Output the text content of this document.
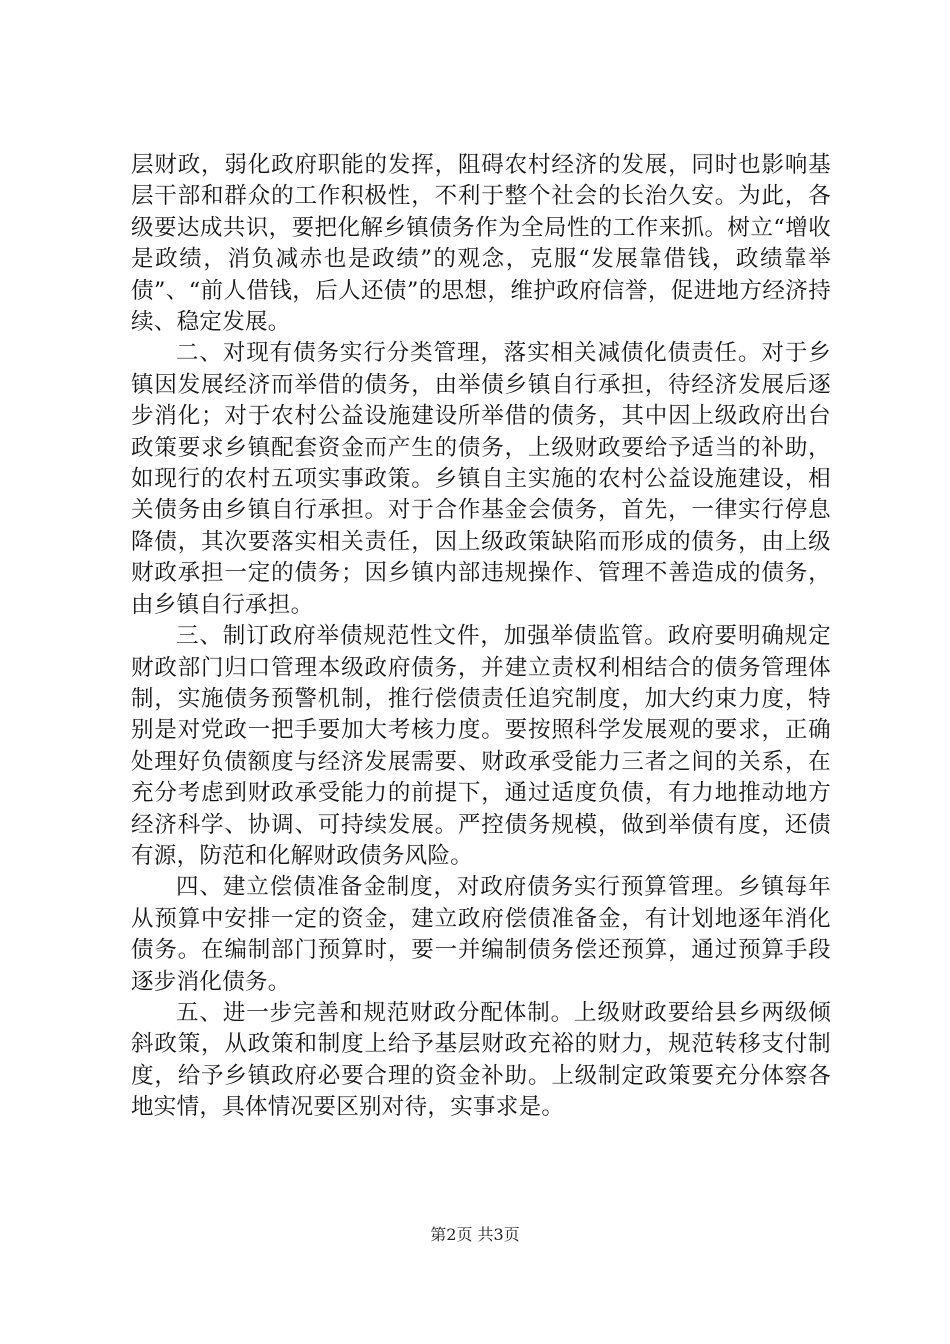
层财政，弱化政府职能的发挥，阻碍农村经济的发展，同时也影响基层干部和群众的工作积极性，不利于整个社会的长治久安。为此，各级要达成共识，要把化解乡镇债务作为全局性的工作来抓。树立“增收是政绩，消负减赤也是政绩”的观念，克服“发展靠借钱，政绩靠举债”、“前人借钱，后人还债”的思想，维护政府信誉，促进地方经济持续、稳定发展。

二、对现有债务实行分类管理，落实相关减债化债责任。对于乡镇因发展经济而举借的债务，由举债乡镇自行承担，待经济发展后逐步消化；对于农村公益设施建设所举借的债务，其中因上级政府出台政策要求乡镇配套资金而产生的债务，上级财政要给予适当的补助，如现行的农村五项实事政策。乡镇自主实施的农村公益设施建设，相关债务由乡镇自行承担。对于合作基金会债务，首先，一律实行停息降债，其次要落实相关责任，因上级政策缺陷而形成的债务，由上级财政承担一定的债务；因乡镇内部违规操作、管理不善造成的债务，由乡镇自行承担。

三、制订政府举债规范性文件，加强举债监管。政府要明确规定财政部门归口管理本级政府债务，并建立责权利相结合的债务管理体制，实施债务预警机制，推行偿债责任追究制度，加大约束力度，特别是对党政一把手要加大考核力度。要按照科学发展观的要求，正确处理好负债额度与经济发展需要、财政承受能力三者之间的关系，在充分考虑到财政承受能力的前提下，通过适度负债，有力地推动地方经济科学、协调、可持续发展。严控债务规模，做到举债有度，还债有源，防范和化解财政债务风险。

四、建立偿债准备金制度，对政府债务实行预算管理。乡镇每年从预算中安排一定的资金，建立政府偿债准备金，有计划地逐年消化债务。在编制部门预算时，要一并编制债务偿还预算，通过预算手段逐步消化债务。

五、进一步完善和规范财政分配体制。上级财政要给县乡两级倾斜政策，从政策和制度上给予基层财政充裕的财力，规范转移支付制度，给予乡镇政府必要合理的资金补助。上级制定政策要充分体察各地实情，具体情况要区别对待，实事求是。

第2页 共3页
